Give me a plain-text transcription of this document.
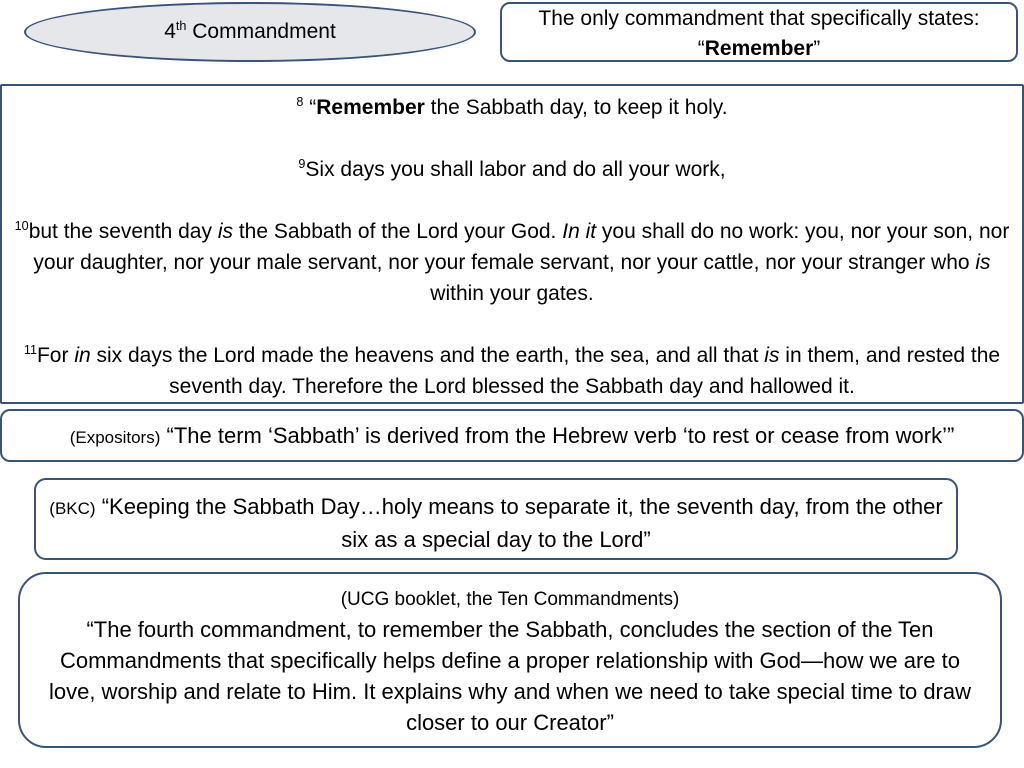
4th Commandment
The only commandment that specifically states:
“Remember”

$^8$ “Remember the Sabbath day, to keep it holy.

$^9$Six days you shall labor and do all your work,

$^{10}$but the seventh day is the Sabbath of the Lord your God. In it you shall do no work: you, nor your son, nor your daughter, nor your male servant, nor your female servant, nor your cattle, nor your stranger who is within your gates.

$^{11}$For in six days the Lord made the heavens and the earth, the sea, and all that is in them, and rested the seventh day. Therefore the Lord blessed the Sabbath day and hallowed it.

(Expositors) “The term ‘Sabbath’ is derived from the Hebrew verb ‘to rest or cease from work’”
(BKC) “Keeping the Sabbath Day…holy means to separate it, the seventh day, from the other six as a special day to the Lord”
(UCG booklet, the Ten Commandments)
“The fourth commandment, to remember the Sabbath, concludes the section of the Ten Commandments that specifically helps define a proper relationship with God—how we are to love, worship and relate to Him. It explains why and when we need to take special time to draw closer to our Creator”
